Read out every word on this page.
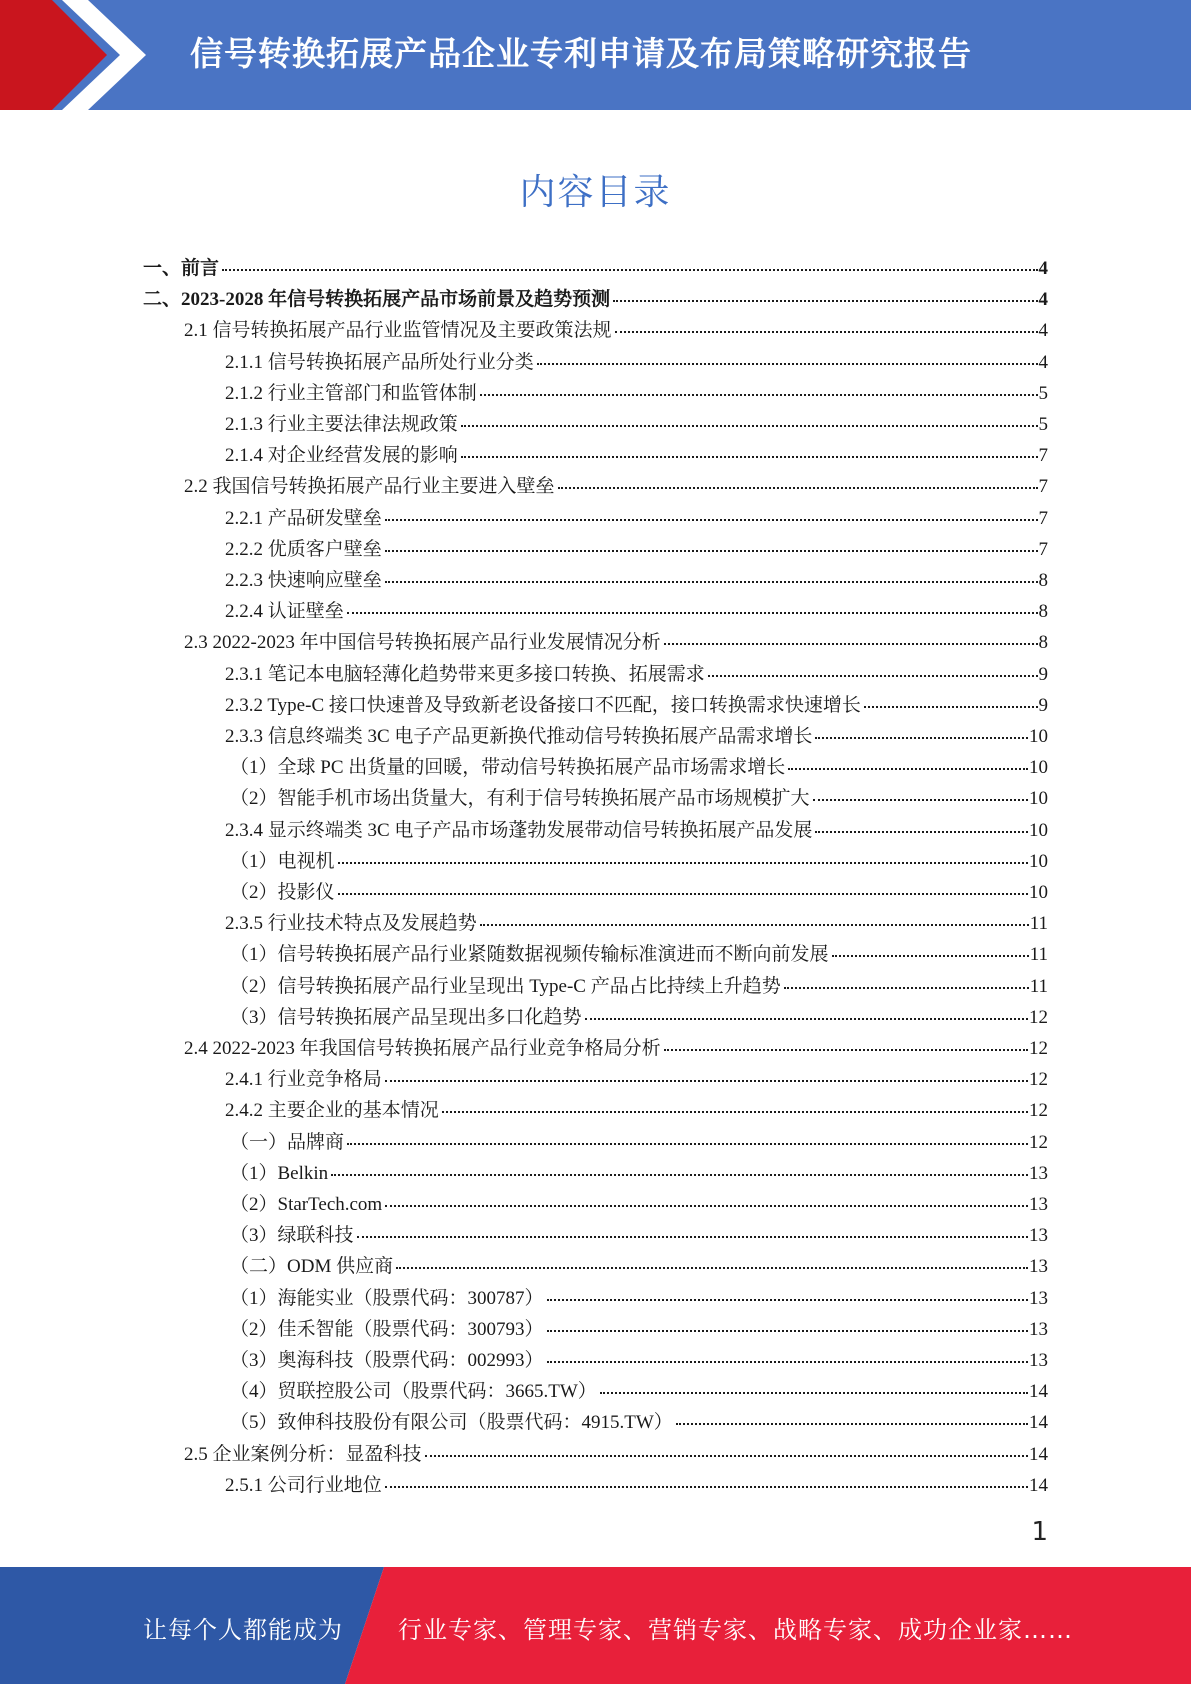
信号转换拓展产品企业专利申请及布局策略研究报告
内容目录
一、前言	4
二、2023-2028 年信号转换拓展产品市场前景及趋势预测	4
2.1 信号转换拓展产品行业监管情况及主要政策法规	4
2.1.1 信号转换拓展产品所处行业分类	4
2.1.2 行业主管部门和监管体制	5
2.1.3 行业主要法律法规政策	5
2.1.4 对企业经营发展的影响	7
2.2 我国信号转换拓展产品行业主要进入壁垒	7
2.2.1 产品研发壁垒	7
2.2.2 优质客户壁垒	7
2.2.3 快速响应壁垒	8
2.2.4 认证壁垒	8
2.3 2022-2023 年中国信号转换拓展产品行业发展情况分析	8
2.3.1 笔记本电脑轻薄化趋势带来更多接口转换、拓展需求	9
2.3.2 Type-C 接口快速普及导致新老设备接口不匹配，接口转换需求快速增长	9
2.3.3 信息终端类 3C 电子产品更新换代推动信号转换拓展产品需求增长	10
（1）全球 PC 出货量的回暖，带动信号转换拓展产品市场需求增长	10
（2）智能手机市场出货量大，有利于信号转换拓展产品市场规模扩大	10
2.3.4 显示终端类 3C 电子产品市场蓬勃发展带动信号转换拓展产品发展	10
（1）电视机	10
（2）投影仪	10
2.3.5 行业技术特点及发展趋势	11
（1）信号转换拓展产品行业紧随数据视频传输标准演进而不断向前发展	11
（2）信号转换拓展产品行业呈现出 Type-C 产品占比持续上升趋势	11
（3）信号转换拓展产品呈现出多口化趋势	12
2.4 2022-2023 年我国信号转换拓展产品行业竞争格局分析	12
2.4.1 行业竞争格局	12
2.4.2 主要企业的基本情况	12
（一）品牌商	12
（1）Belkin	13
（2）StarTech.com	13
（3）绿联科技	13
（二）ODM 供应商	13
（1）海能实业（股票代码：300787）	13
（2）佳禾智能（股票代码：300793）	13
（3）奥海科技（股票代码：002993）	13
（4）贸联控股公司（股票代码：3665.TW）	14
（5）致伸科技股份有限公司（股票代码：4915.TW）	14
2.5 企业案例分析：显盈科技	14
2.5.1 公司行业地位	14
1
让每个人都能成为 行业专家、管理专家、营销专家、战略专家、成功企业家……
